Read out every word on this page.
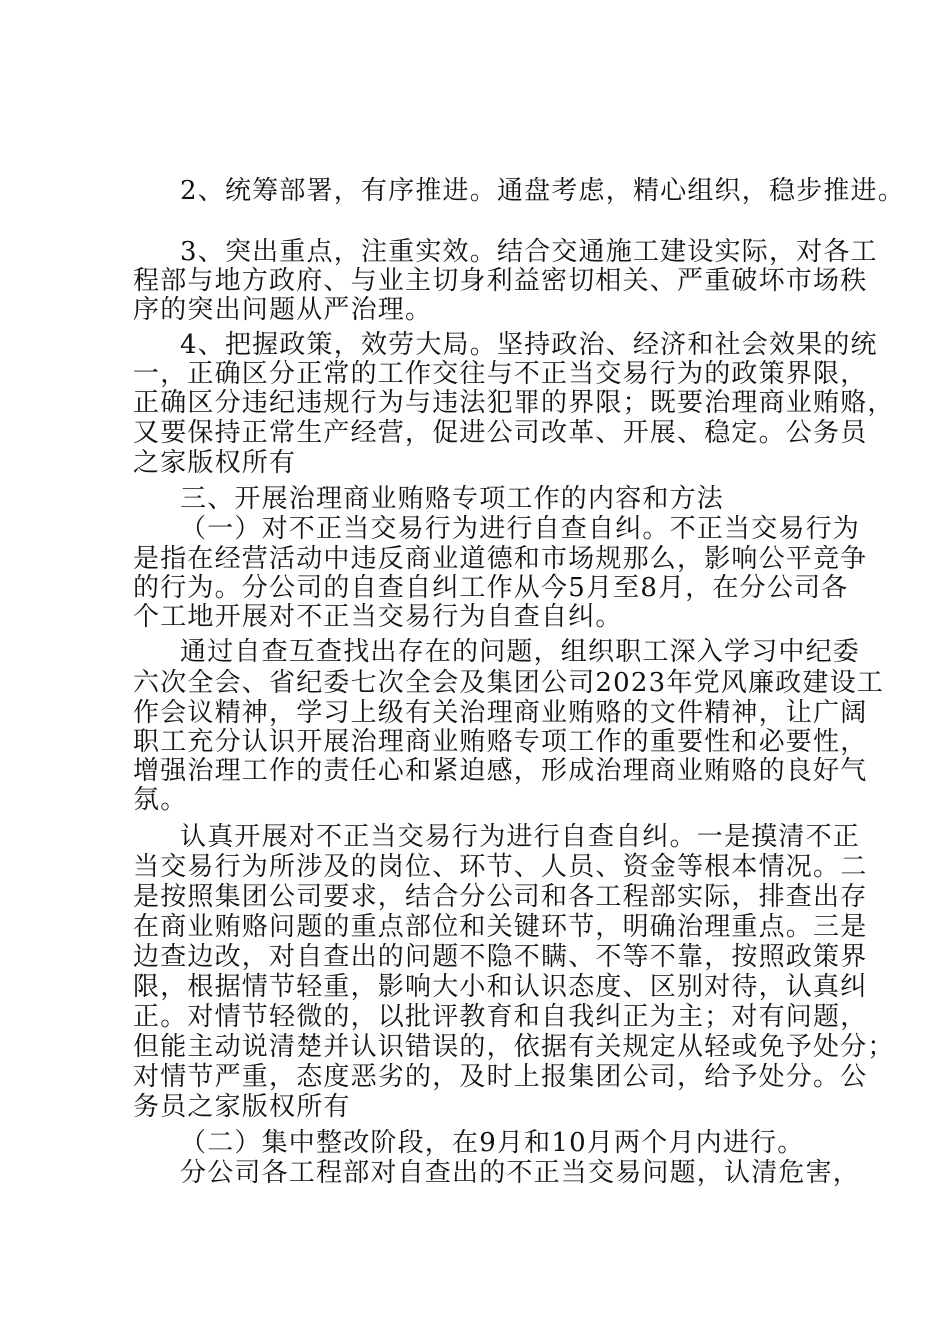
2、统筹部署，有序推进。通盘考虑，精心组织，稳步推进。
3、突出重点，注重实效。结合交通施工建设实际，对各工
程部与地方政府、与业主切身利益密切相关、严重破坏市场秩
序的突出问题从严治理。
4、把握政策，效劳大局。坚持政治、经济和社会效果的统
一，正确区分正常的工作交往与不正当交易行为的政策界限，
正确区分违纪违规行为与违法犯罪的界限；既要治理商业贿赂，
又要保持正常生产经营，促进公司改革、开展、稳定。公务员
之家版权所有
三、开展治理商业贿赂专项工作的内容和方法
（一）对不正当交易行为进行自查自纠。不正当交易行为
是指在经营活动中违反商业道德和市场规那么，影响公平竞争
的行为。分公司的自查自纠工作从今5月至8月，在分公司各
个工地开展对不正当交易行为自查自纠。
通过自查互查找出存在的问题，组织职工深入学习中纪委
六次全会、省纪委七次全会及集团公司2023年党风廉政建设工
作会议精神，学习上级有关治理商业贿赂的文件精神，让广阔
职工充分认识开展治理商业贿赂专项工作的重要性和必要性，
增强治理工作的责任心和紧迫感，形成治理商业贿赂的良好气
氛。
认真开展对不正当交易行为进行自查自纠。一是摸清不正
当交易行为所涉及的岗位、环节、人员、资金等根本情况。二
是按照集团公司要求，结合分公司和各工程部实际，排查出存
在商业贿赂问题的重点部位和关键环节，明确治理重点。三是
边查边改，对自查出的问题不隐不瞒、不等不靠，按照政策界
限，根据情节轻重，影响大小和认识态度、区别对待，认真纠
正。对情节轻微的，以批评教育和自我纠正为主；对有问题，
但能主动说清楚并认识错误的，依据有关规定从轻或免予处分；
对情节严重，态度恶劣的，及时上报集团公司，给予处分。公
务员之家版权所有
（二）集中整改阶段，在9月和10月两个月内进行。
分公司各工程部对自查出的不正当交易问题，认清危害，
